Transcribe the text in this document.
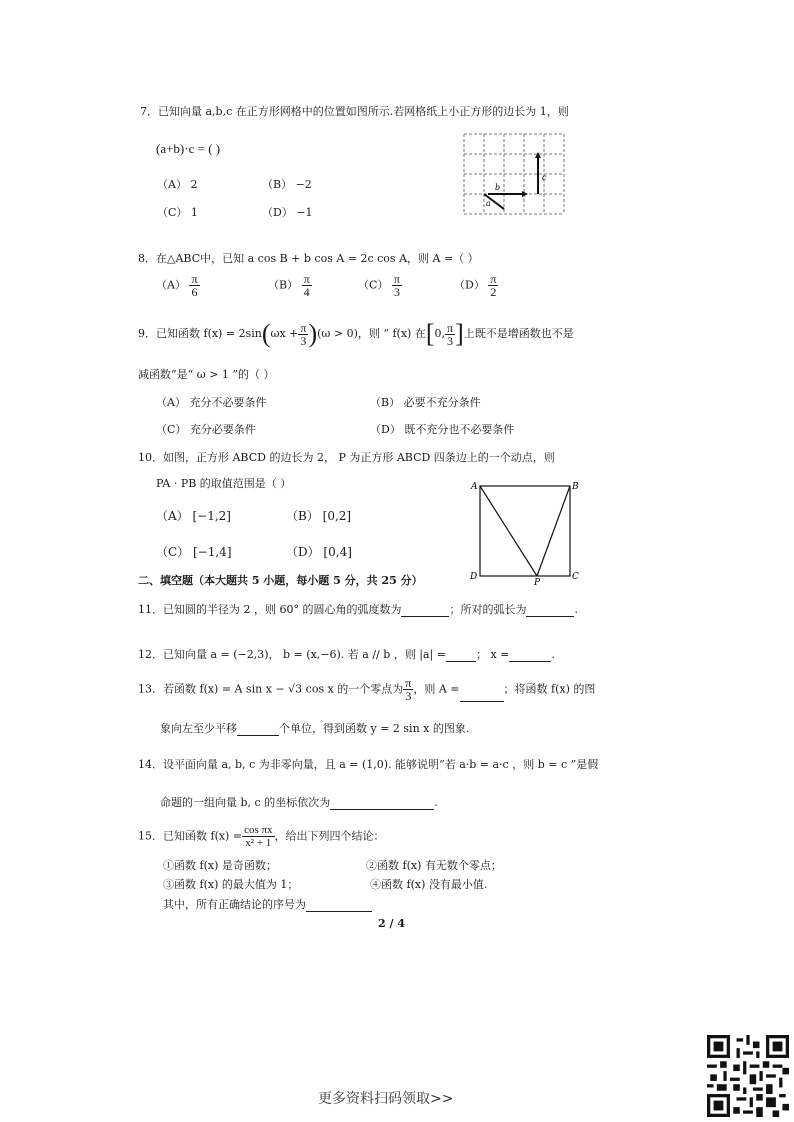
7．已知向量 a,b,c 在正方形网格中的位置如图所示.若网格纸上小正方形的边长为 1，则
(a+b)·c = ( )
（A） 2	（B） −2
（C） 1	（D） −1
a
b
c
8．在△ABC中，已知 a cos B + b cos A = 2c cos A，则 A =（ ）
$(A) \frac{\pi}{6}$	$(B) \frac{\pi}{4}$	$(C) \frac{\pi}{3}$	$(D) \frac{\pi}{2}$
9．已知函数 $f(x) = 2\sin(\omega x + \frac{\pi}{3} )(\omega > 0)$，则 “ f(x) 在[0, $\frac{\pi}{3}$ ]上既不是增函数也不是
减函数”是“ ω > 1 ”的（ ）
（A） 充分不必要条件	（B） 必要不充分条件
（C） 充分必要条件	（D） 既不充分也不必要条件
10．如图，正方形 ABCD 的边长为 2， P 为正方形 ABCD 四条边上的一个动点，则
PA · PB 的取值范围是（ ）
（A） [−1,2]	（B） [0,2]
（C） [−1,4]	（D） [0,4]
A	B
C
D
P
二、填空题（本大题共 5 小题，每小题 5 分，共 25 分）
11．已知圆的半径为 2 ，则 60° 的圆心角的弧度数为	；所对的弧长为	.
12．已知向量 a = (−2,3)， b = (x,−6). 若 a // b ，则 |a| =	； x =	.
13．若函数 f(x) = A sin x − √3 cos x 的一个零点为 $\frac{\pi}{3}$ ，则 A =	；将函数 f(x) 的图
象向左至少平移	个单位，得到函数 y = 2 sin x 的图象.
14．设平面向量 a, b, c 为非零向量，且 a = (1,0). 能够说明“若 a·b = a·c ，则 b = c ”是假
命题的一组向量 b, c 的坐标依次为	.
15．已知函数 $f(x) = \frac{\text{cos πx}}{\text{x² + 1}}$ ，给出下列四个结论：
①函数 f(x) 是奇函数；	②函数 f(x) 有无数个零点；
③函数 f(x) 的最大值为 1；	④函数 f(x) 没有最小值.
其中，所有正确结论的序号为
2 / 4
更多资料扫码领取>>
